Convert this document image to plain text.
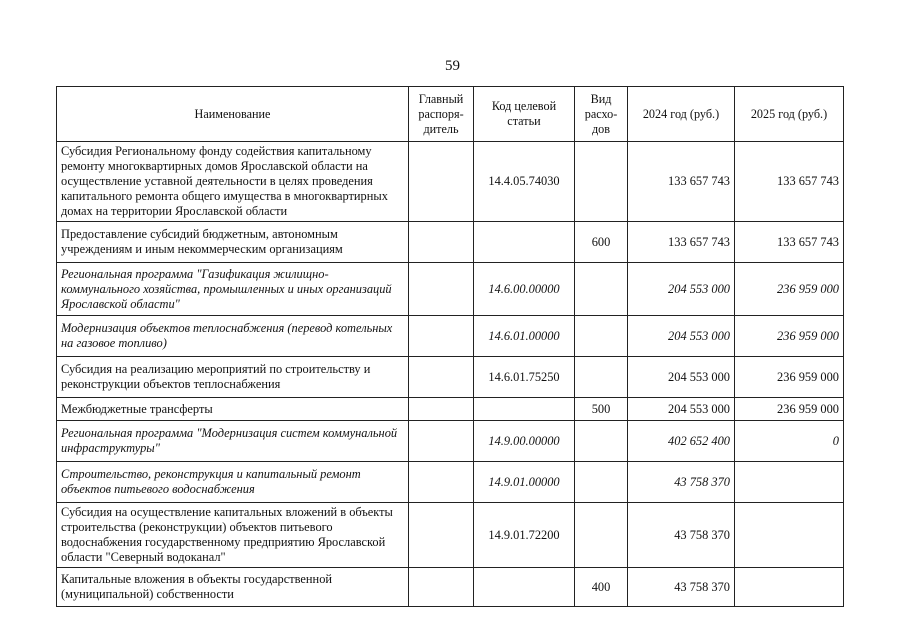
59
Наименование	Главный распоря-дитель	Код целевой статьи	Вид расхо-дов	2024 год (руб.)	2025 год (руб.)
Субсидия Региональному фонду содействия капитальному ремонту многоквартирных домов Ярославской области на осуществление уставной деятельности в целях проведения капитального ремонта общего имущества в многоквартирных домах на территории Ярославской области		14.4.05.74030		133 657 743	133 657 743
Предоставление субсидий бюджетным, автономным учреждениям и иным некоммерческим организациям			600	133 657 743	133 657 743
Региональная программа "Газификация жилищно-коммунального хозяйства, промышленных и иных организаций Ярославской области"		14.6.00.00000		204 553 000	236 959 000
Модернизация объектов теплоснабжения (перевод котельных на газовое топливо)		14.6.01.00000		204 553 000	236 959 000
Субсидия на реализацию мероприятий по строительству и реконструкции объектов теплоснабжения		14.6.01.75250		204 553 000	236 959 000
Межбюджетные трансферты			500	204 553 000	236 959 000
Региональная программа "Модернизация систем коммунальной инфраструктуры"		14.9.00.00000		402 652 400	0
Строительство, реконструкция и капитальный ремонт объектов питьевого водоснабжения		14.9.01.00000		43 758 370	
Субсидия на осуществление капитальных вложений в объекты строительства (реконструкции) объектов питьевого водоснабжения государственному предприятию Ярославской области "Северный водоканал"		14.9.01.72200		43 758 370	
Капитальные вложения в объекты государственной (муниципальной) собственности			400	43 758 370	
